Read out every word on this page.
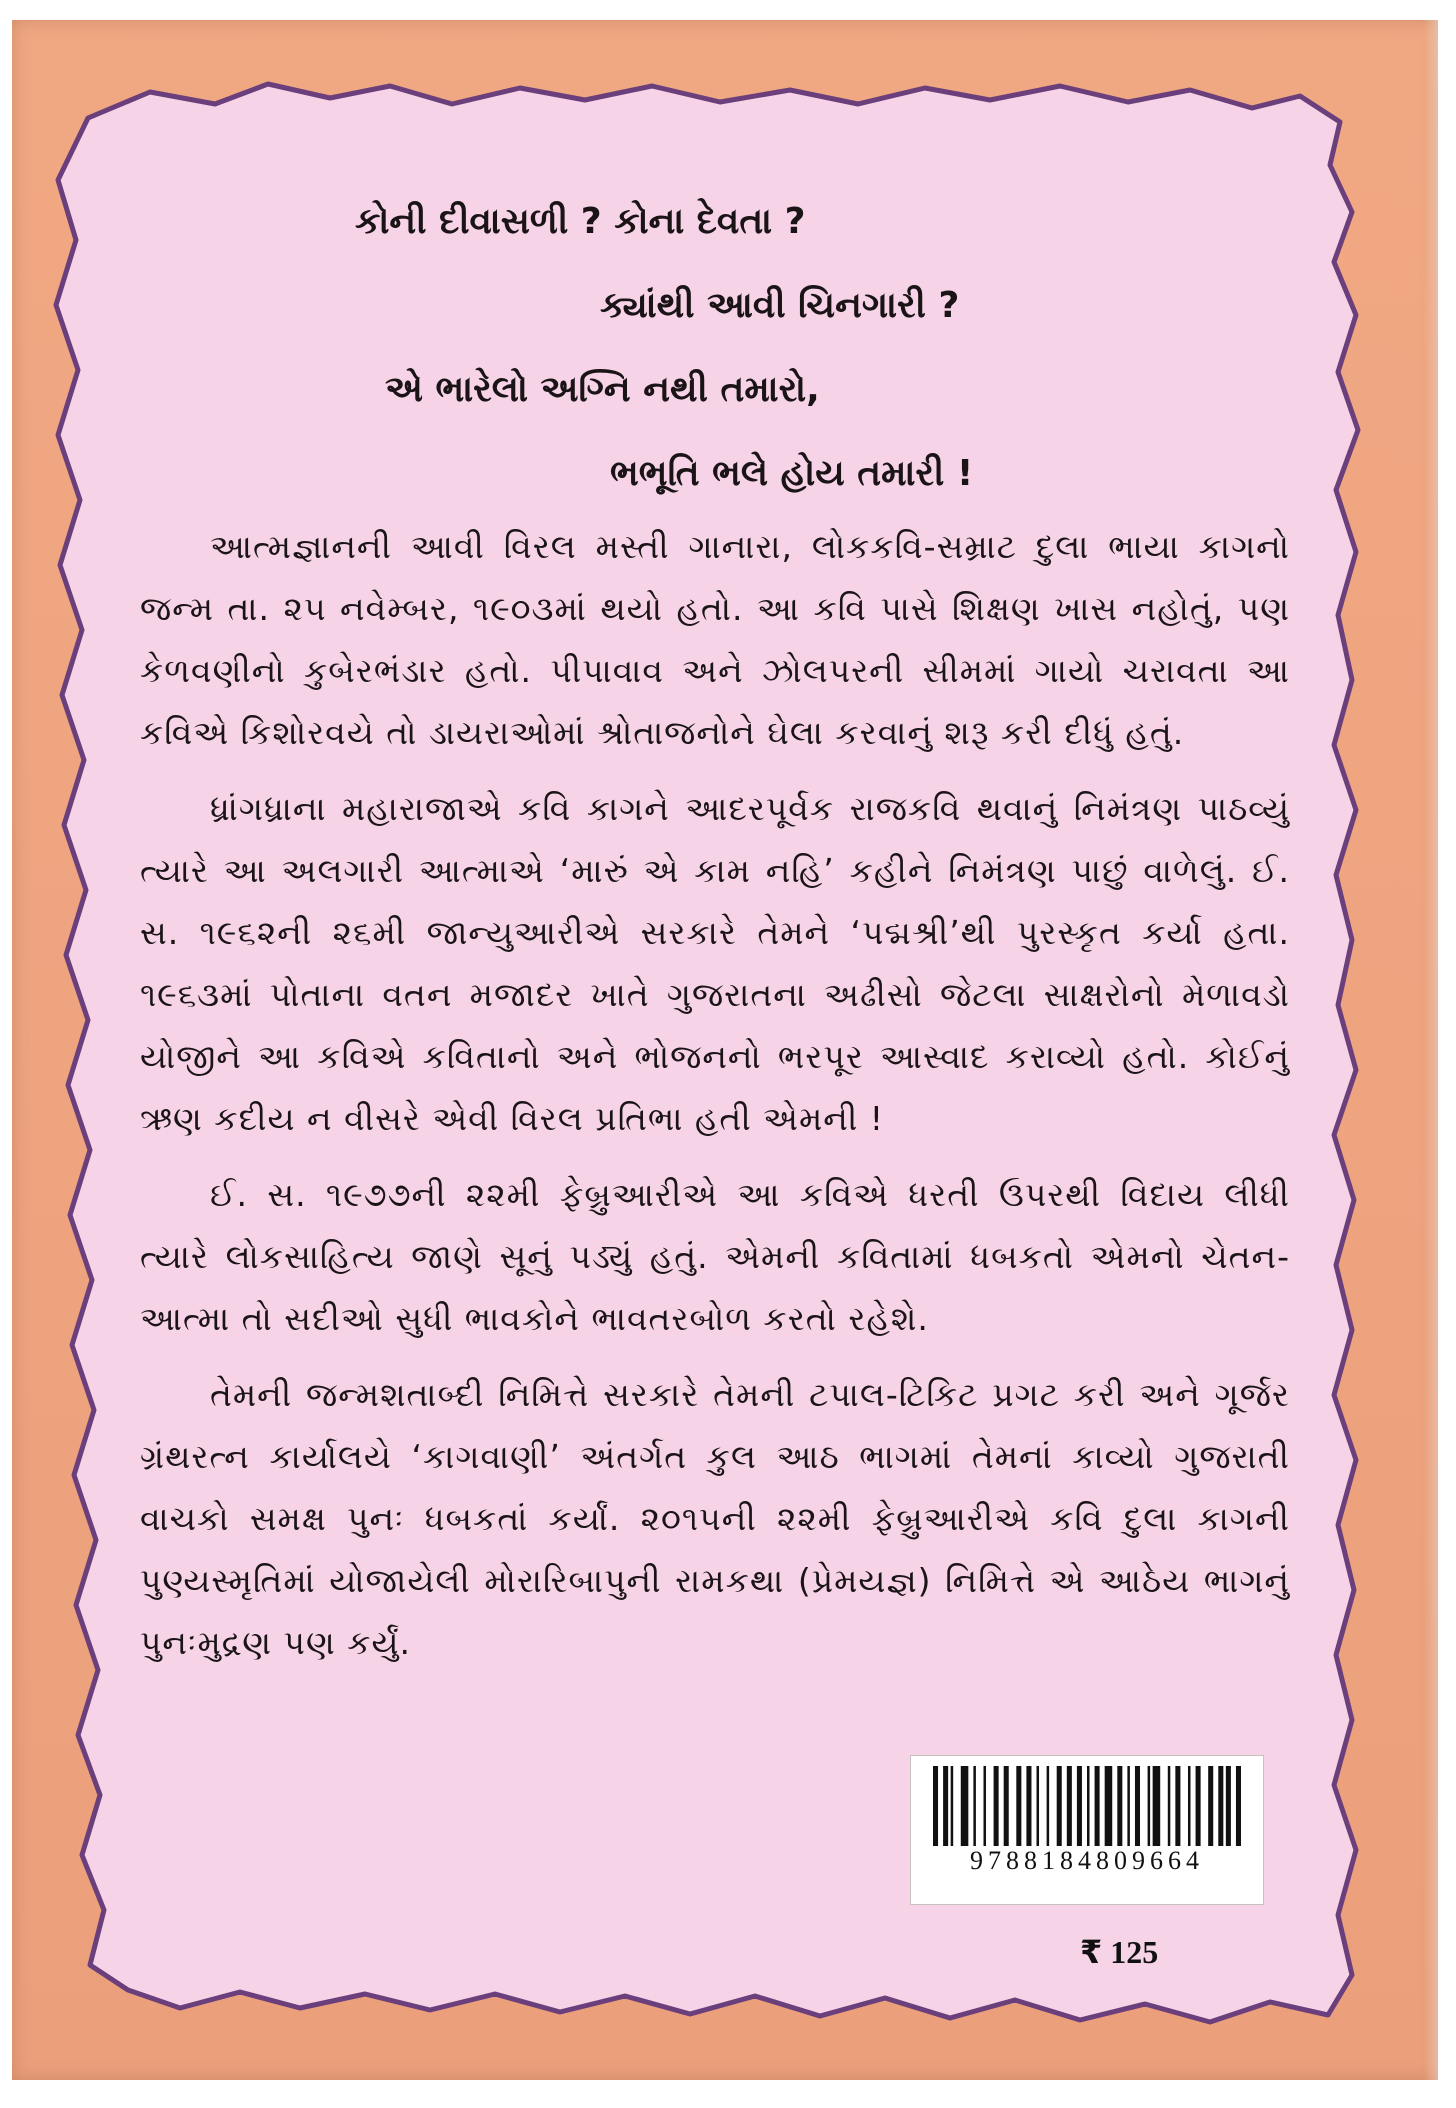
કોની દીવાસળી ? કોના દેવતા ?
ક્યાંથી આવી ચિનગારી ?
એ ભારેલો અગ્નિ નથી તમારો,
ભભૂતિ ભલે હોય તમારી !

આત્મજ્ઞાનની આવી વિરલ મસ્તી ગાનારા, લોકકવિ-સમ્રાટ દુલા ભાયા કાગનો જન્મ તા. ૨૫ નવેમ્બર, ૧૯૦૩માં થયો હતો. આ કવિ પાસે શિક્ષણ ખાસ નહોતું, પણ કેળવણીનો કુબેરભંડાર હતો. પીપાવાવ અને ઝોલપરની સીમમાં ગાયો ચરાવતા આ કવિએ કિશોરવયે તો ડાયરાઓમાં શ્રોતાજનોને ઘેલા કરવાનું શરૂ કરી દીધું હતું.

ધ્રાંગધ્રાના મહારાજાએ કવિ કાગને આદરપૂર્વક રાજકવિ થવાનું નિમંત્રણ પાઠવ્યું ત્યારે આ અલગારી આત્માએ ‘મારું એ કામ નહિ’ કહીને નિમંત્રણ પાછું વાળેલું. ઈ. સ. ૧૯૬૨ની ૨૬મી જાન્યુઆરીએ સરકારે તેમને ‘પદ્મશ્રી’થી પુરસ્કૃત કર્યા હતા. ૧૯૬૩માં પોતાના વતન મજાદર ખાતે ગુજરાતના અઢીસો જેટલા સાક્ષરોનો મેળાવડો યોજીને આ કવિએ કવિતાનો અને ભોજનનો ભરપૂર આસ્વાદ કરાવ્યો હતો. કોઈનું ઋણ કદીય ન વીસરે એવી વિરલ પ્રતિભા હતી એમની !

ઈ. સ. ૧૯૭૭ની ૨૨મી ફેબ્રુઆરીએ આ કવિએ ધરતી ઉપરથી વિદાય લીધી ત્યારે લોકસાહિત્ય જાણે સૂનું પડ્યું હતું. એમની કવિતામાં ધબકતો એમનો ચેતન-આત્મા તો સદીઓ સુધી ભાવકોને ભાવતરબોળ કરતો રહેશે.

તેમની જન્મશતાબ્દી નિમિત્તે સરકારે તેમની ટપાલ-ટિકિટ પ્રગટ કરી અને ગૂર્જર ગ્રંથરત્ન કાર્યાલયે ‘કાગવાણી’ અંતર્ગત કુલ આઠ ભાગમાં તેમનાં કાવ્યો ગુજરાતી વાચકો સમક્ષ પુનઃ ધબકતાં કર્યાં. ૨૦૧૫ની ૨૨મી ફેબ્રુઆરીએ કવિ દુલા કાગની પુણ્યસ્મૃતિમાં યોજાયેલી મોરારિબાપુની રામકથા (પ્રેમયજ્ઞ) નિમિત્તે એ આઠેય ભાગનું પુનઃમુદ્રણ પણ કર્યું.

9788184809664
₹ 125
